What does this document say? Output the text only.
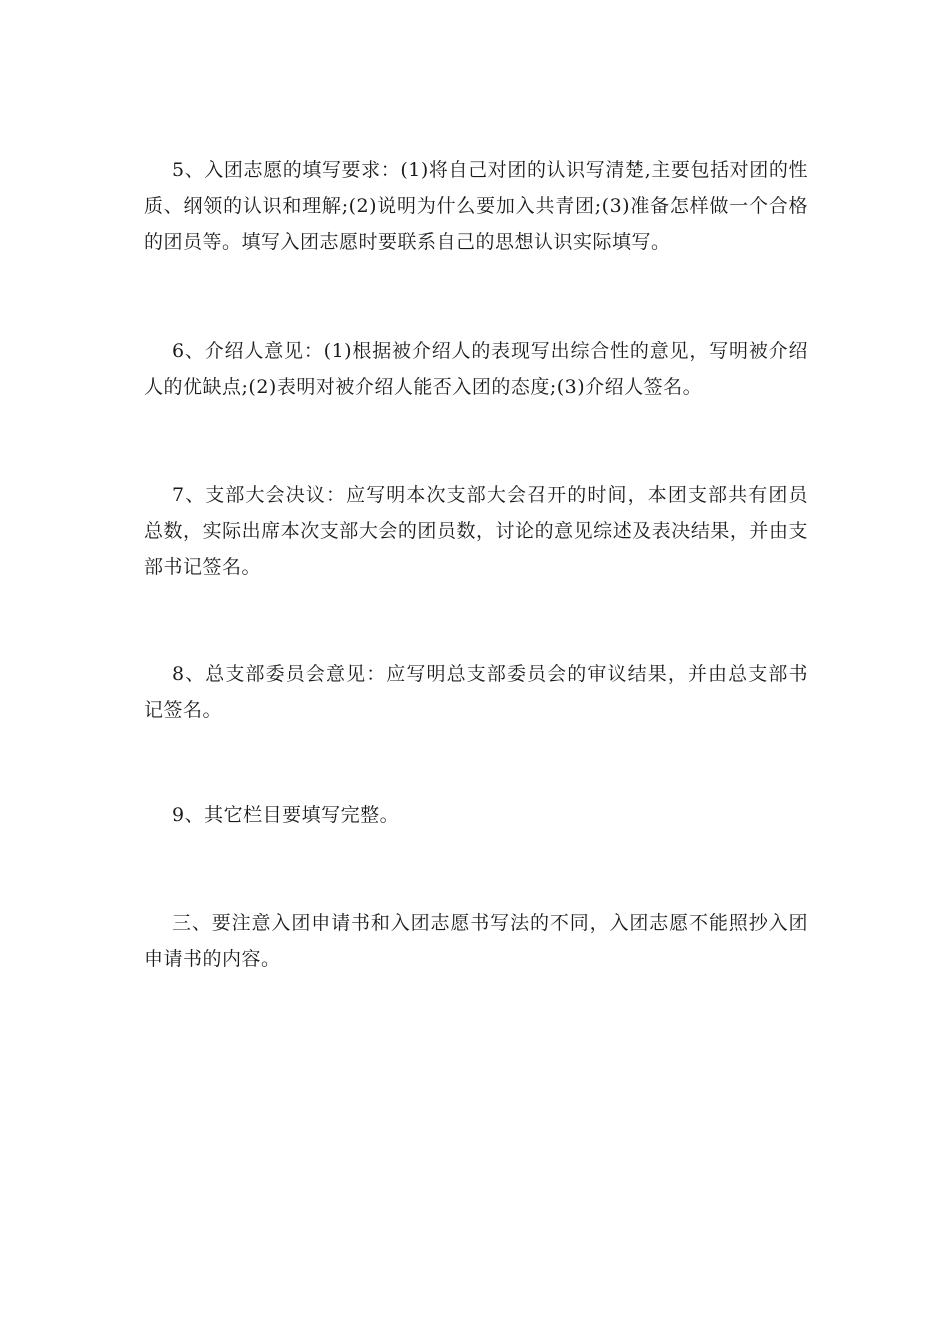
5、入团志愿的填写要求：(1)将自己对团的认识写清楚,主要包括对团的性质、纲领的认识和理解;(2)说明为什么要加入共青团;(3)准备怎样做一个合格的团员等。填写入团志愿时要联系自己的思想认识实际填写。

6、介绍人意见：(1)根据被介绍人的表现写出综合性的意见，写明被介绍人的优缺点;(2)表明对被介绍人能否入团的态度;(3)介绍人签名。

7、支部大会决议：应写明本次支部大会召开的时间，本团支部共有团员总数，实际出席本次支部大会的团员数，讨论的意见综述及表决结果，并由支部书记签名。

8、总支部委员会意见：应写明总支部委员会的审议结果，并由总支部书记签名。

9、其它栏目要填写完整。

三、要注意入团申请书和入团志愿书写法的不同，入团志愿不能照抄入团申请书的内容。
